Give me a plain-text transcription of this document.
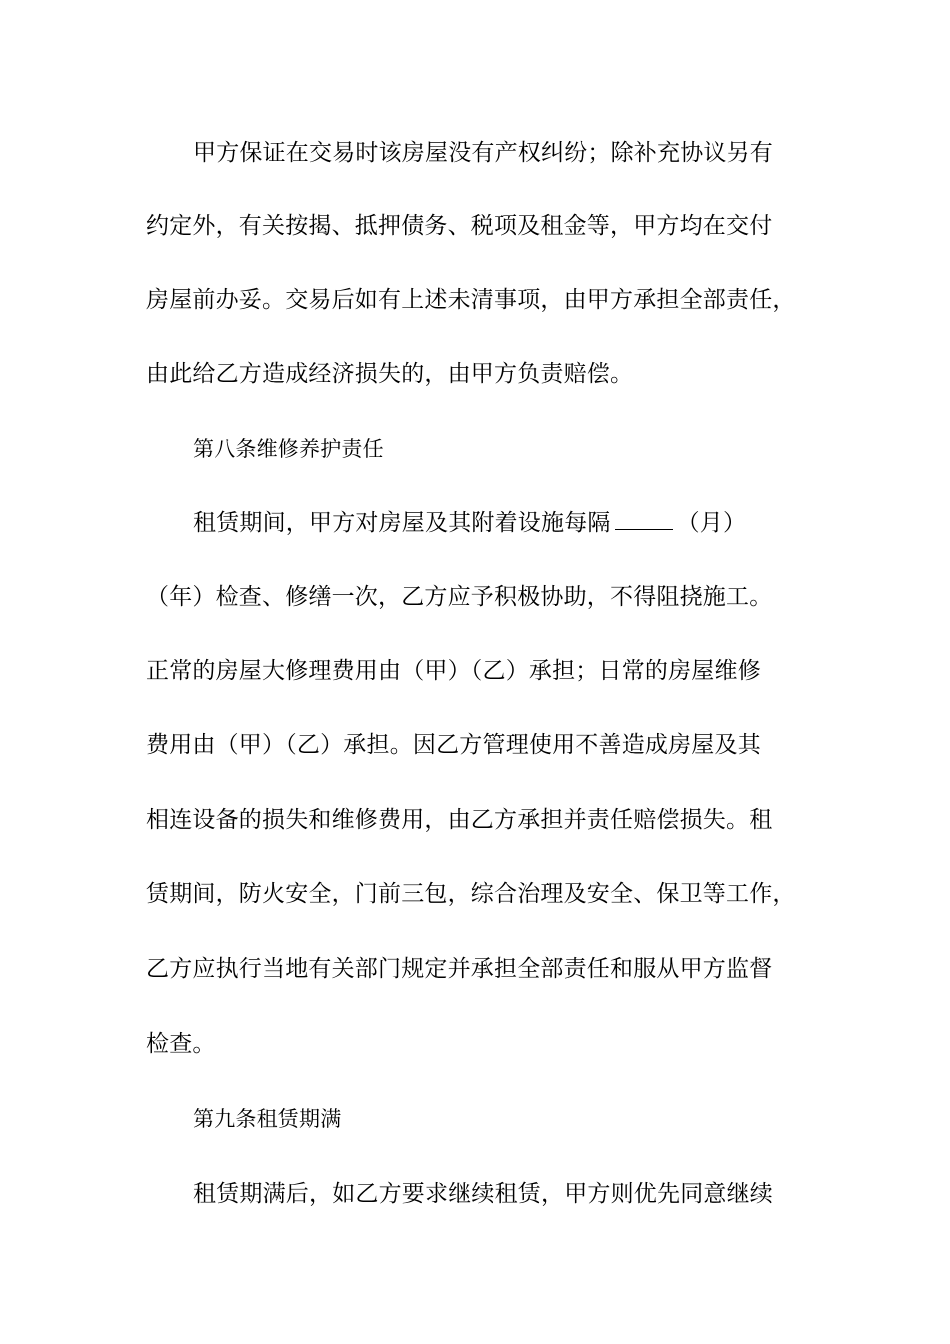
甲方保证在交易时该房屋没有产权纠纷；除补充协议另有

约定外，有关按揭、抵押债务、税项及租金等，甲方均在交付

房屋前办妥。交易后如有上述未清事项，由甲方承担全部责任，

由此给乙方造成经济损失的，由甲方负责赔偿。

第八条维修养护责任

租赁期间，甲方对房屋及其附着设施每隔	（月）

（年）检查、修缮一次，乙方应予积极协助，不得阻挠施工。

正常的房屋大修理费用由（甲）（乙）承担；日常的房屋维修

费用由（甲）（乙）承担。因乙方管理使用不善造成房屋及其

相连设备的损失和维修费用，由乙方承担并责任赔偿损失。租

赁期间，防火安全，门前三包，综合治理及安全、保卫等工作，

乙方应执行当地有关部门规定并承担全部责任和服从甲方监督

检查。

第九条租赁期满

租赁期满后，如乙方要求继续租赁，甲方则优先同意继续
